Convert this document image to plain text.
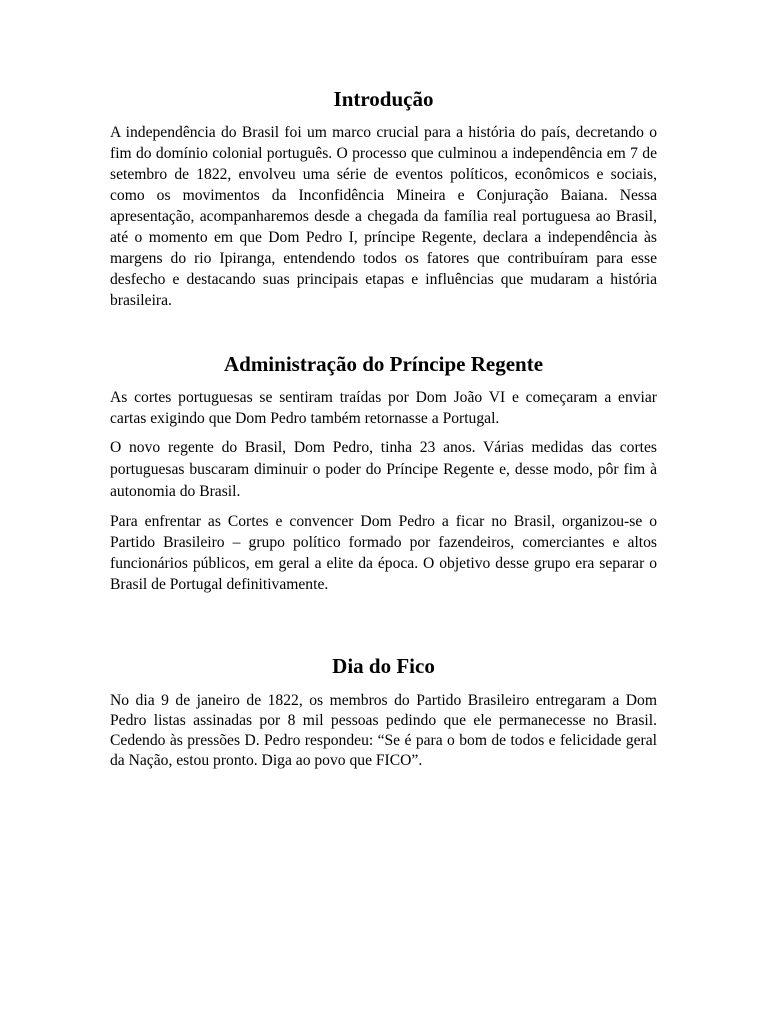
Introdução

A independência do Brasil foi um marco crucial para a história do país, decretando o fim do domínio colonial português. O processo que culminou a independência em 7 de setembro de 1822, envolveu uma série de eventos políticos, econômicos e sociais, como os movimentos da Inconfidência Mineira e Conjuração Baiana. Nessa apresentação, acompanharemos desde a chegada da família real portuguesa ao Brasil, até o momento em que Dom Pedro I, príncipe Regente, declara a independência às margens do rio Ipiranga, entendendo todos os fatores que contribuíram para esse desfecho e destacando suas principais etapas e influências que mudaram a história brasileira.

Administração do Príncipe Regente

As cortes portuguesas se sentiram traídas por Dom João VI e começaram a enviar cartas exigindo que Dom Pedro também retornasse a Portugal.

O novo regente do Brasil, Dom Pedro, tinha 23 anos. Várias medidas das cortes portuguesas buscaram diminuir o poder do Príncipe Regente e, desse modo, pôr fim à autonomia do Brasil.

Para enfrentar as Cortes e convencer Dom Pedro a ficar no Brasil, organizou-se o Partido Brasileiro – grupo político formado por fazendeiros, comerciantes e altos funcionários públicos, em geral a elite da época. O objetivo desse grupo era separar o Brasil de Portugal definitivamente.

Dia do Fico

No dia 9 de janeiro de 1822, os membros do Partido Brasileiro entregaram a Dom Pedro listas assinadas por 8 mil pessoas pedindo que ele permanecesse no Brasil. Cedendo às pressões D. Pedro respondeu: “Se é para o bom de todos e felicidade geral da Nação, estou pronto. Diga ao povo que FICO”.
